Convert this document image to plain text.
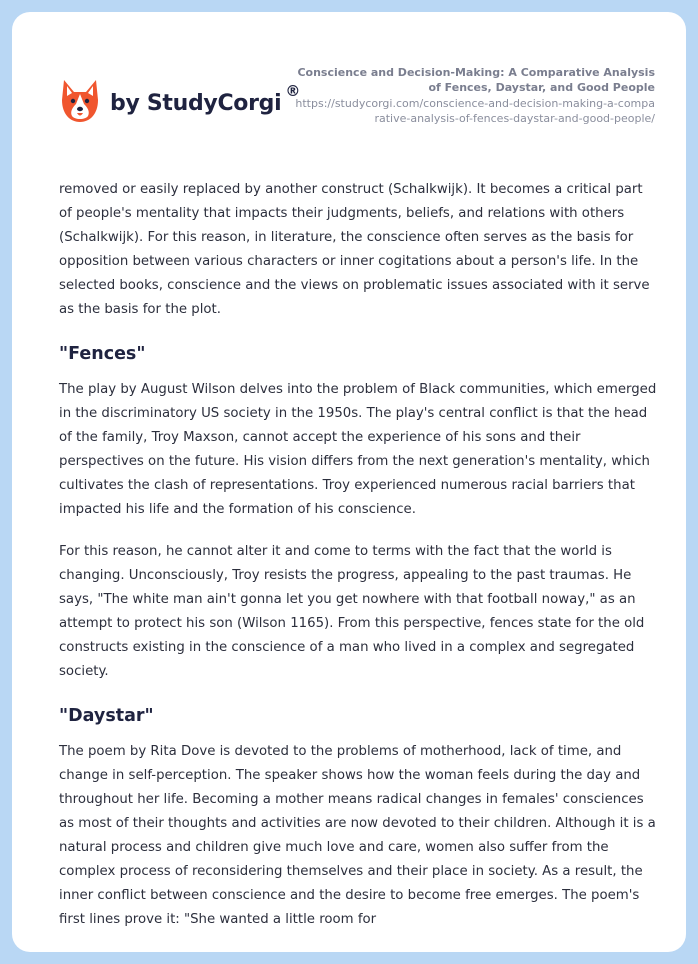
by StudyCorgi ®
Conscience and Decision-Making: A Comparative Analysis of Fences, Daystar, and Good People
https://studycorgi.com/conscience-and-decision-making-a-comparative-analysis-of-fences-daystar-and-good-people/

removed or easily replaced by another construct (Schalkwijk). It becomes a critical part of people's mentality that impacts their judgments, beliefs, and relations with others (Schalkwijk). For this reason, in literature, the conscience often serves as the basis for opposition between various characters or inner cogitations about a person's life. In the selected books, conscience and the views on problematic issues associated with it serve as the basis for the plot.

"Fences"

The play by August Wilson delves into the problem of Black communities, which emerged in the discriminatory US society in the 1950s. The play's central conflict is that the head of the family, Troy Maxson, cannot accept the experience of his sons and their perspectives on the future. His vision differs from the next generation's mentality, which cultivates the clash of representations. Troy experienced numerous racial barriers that impacted his life and the formation of his conscience.

For this reason, he cannot alter it and come to terms with the fact that the world is changing. Unconsciously, Troy resists the progress, appealing to the past traumas. He says, "The white man ain't gonna let you get nowhere with that football noway," as an attempt to protect his son (Wilson 1165). From this perspective, fences state for the old constructs existing in the conscience of a man who lived in a complex and segregated society.

"Daystar"

The poem by Rita Dove is devoted to the problems of motherhood, lack of time, and change in self-perception. The speaker shows how the woman feels during the day and throughout her life. Becoming a mother means radical changes in females' consciences as most of their thoughts and activities are now devoted to their children. Although it is a natural process and children give much love and care, women also suffer from the complex process of reconsidering themselves and their place in society. As a result, the inner conflict between conscience and the desire to become free emerges. The poem's first lines prove it: "She wanted a little room for
